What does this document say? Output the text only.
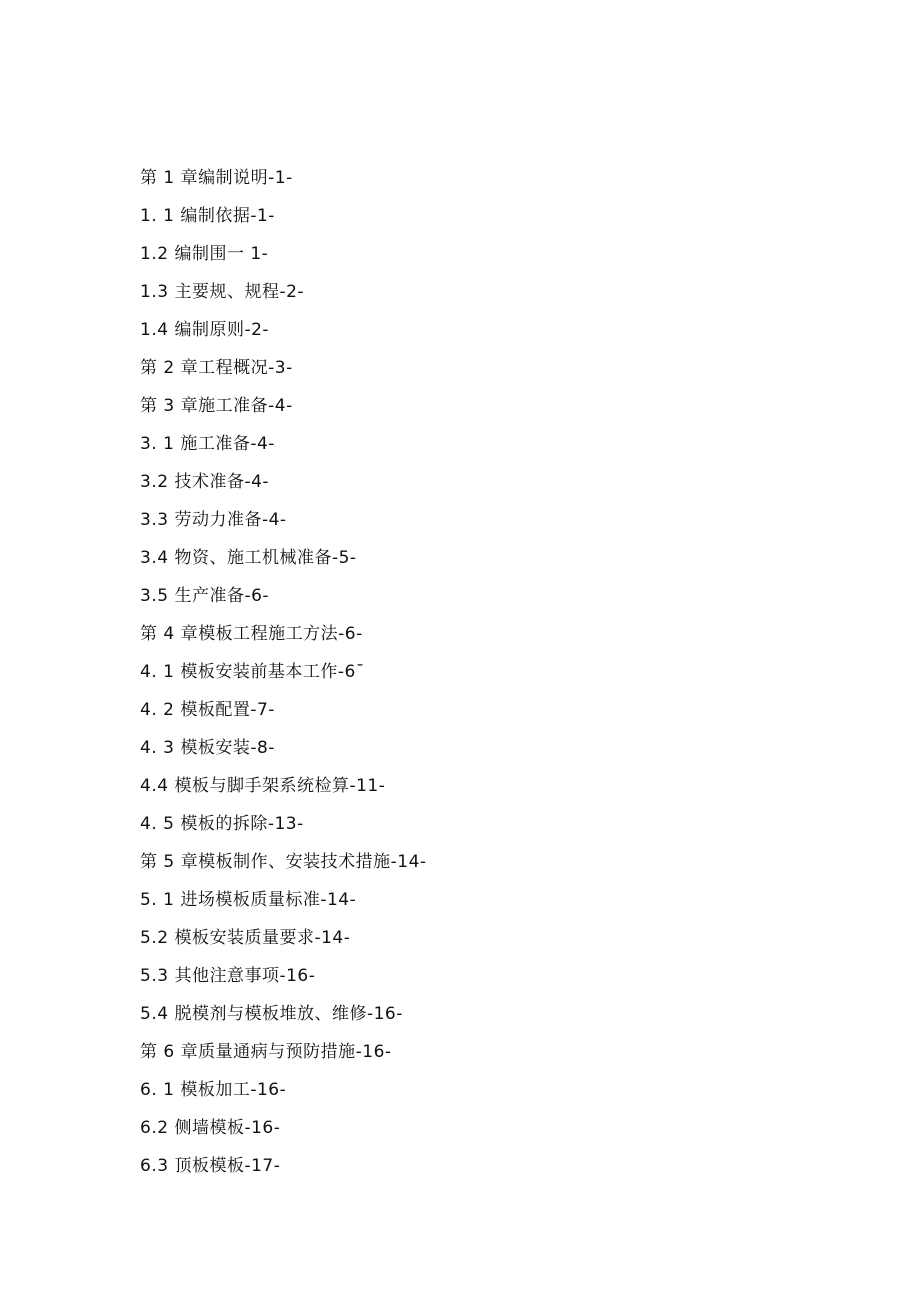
第 1 章编制说明-1-
1. 1 编制依据-1-
1.2 编制围一 1-
1.3 主要规、规程-2-
1.4 编制原则-2-
第 2 章工程概况-3-
第 3 章施工准备-4-
3. 1 施工准备-4-
3.2 技术准备-4-
3.3 劳动力准备-4-
3.4 物资、施工机械准备-5-
3.5 生产准备-6-
第 4 章模板工程施工方法-6-
4. 1 模板安装前基本工作-6¯
4. 2 模板配置-7-
4. 3 模板安装-8-
4.4 模板与脚手架系统检算-11-
4. 5 模板的拆除-13-
第 5 章模板制作、安装技术措施-14-
5. 1 进场模板质量标准-14-
5.2 模板安装质量要求-14-
5.3 其他注意事项-16-
5.4 脱模剂与模板堆放、维修-16-
第 6 章质量通病与预防措施-16-
6. 1 模板加工-16-
6.2 侧墙模板-16-
6.3 顶板模板-17-
